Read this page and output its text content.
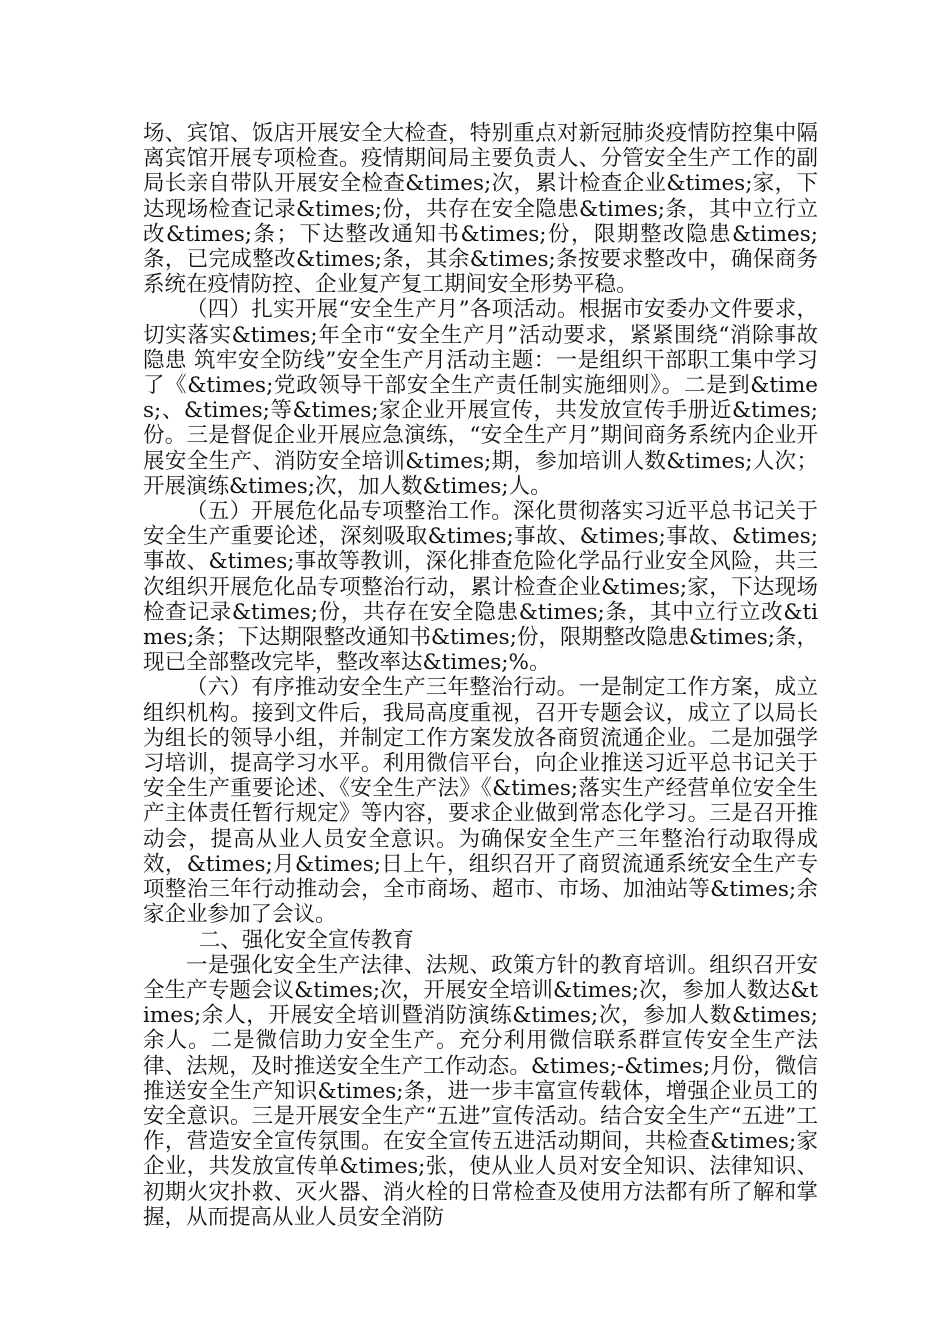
场、宾馆、饭店开展安全大检查，特别重点对新冠肺炎疫情防控集中隔离宾馆开展专项检查。疫情期间局主要负责人、分管安全生产工作的副局长亲自带队开展安全检查&times;次，累计检查企业&times;家，下达现场检查记录&times;份，共存在安全隐患&times;条，其中立行立改&times;条；下达整改通知书&times;份，限期整改隐患&times;条，已完成整改&times;条，其余&times;条按要求整改中，确保商务系统在疫情防控、企业复产复工期间安全形势平稳。

（四）扎实开展“安全生产月”各项活动。根据市安委办文件要求，切实落实&times;年全市“安全生产月”活动要求，紧紧围绕“消除事故隐患 筑牢安全防线”安全生产月活动主题：一是组织干部职工集中学习了《&times;党政领导干部安全生产责任制实施细则》。二是到&times;、&times;等&times;家企业开展宣传，共发放宣传手册近&times;份。三是督促企业开展应急演练，“安全生产月”期间商务系统内企业开展安全生产、消防安全培训&times;期，参加培训人数&times;人次；开展演练&times;次，加人数&times;人。

（五）开展危化品专项整治工作。深化贯彻落实习近平总书记关于安全生产重要论述，深刻吸取&times;事故、&times;事故、&times;事故、&times;事故等教训，深化排查危险化学品行业安全风险，共三次组织开展危化品专项整治行动，累计检查企业&times;家，下达现场检查记录&times;份，共存在安全隐患&times;条，其中立行立改&times;条；下达期限整改通知书&times;份，限期整改隐患&times;条，现已全部整改完毕，整改率达&times;%。

（六）有序推动安全生产三年整治行动。一是制定工作方案，成立组织机构。接到文件后，我局高度重视，召开专题会议，成立了以局长为组长的领导小组，并制定工作方案发放各商贸流通企业。二是加强学习培训，提高学习水平。利用微信平台，向企业推送习近平总书记关于安全生产重要论述、《安全生产法》《&times;落实生产经营单位安全生产主体责任暂行规定》等内容，要求企业做到常态化学习。三是召开推动会，提高从业人员安全意识。为确保安全生产三年整治行动取得成效，&times;月&times;日上午，组织召开了商贸流通系统安全生产专项整治三年行动推动会，全市商场、超市、市场、加油站等&times;余家企业参加了会议。

二、强化安全宣传教育

一是强化安全生产法律、法规、政策方针的教育培训。组织召开安全生产专题会议&times;次，开展安全培训&times;次，参加人数达&times;余人，开展安全培训暨消防演练&times;次，参加人数&times;余人。二是微信助力安全生产。充分利用微信联系群宣传安全生产法律、法规，及时推送安全生产工作动态。&times;-&times;月份，微信推送安全生产知识&times;条，进一步丰富宣传载体，增强企业员工的安全意识。三是开展安全生产“五进”宣传活动。结合安全生产“五进”工作，营造安全宣传氛围。在安全宣传五进活动期间，共检查&times;家企业，共发放宣传单&times;张，使从业人员对安全知识、法律知识、初期火灾扑救、灭火器、消火栓的日常检查及使用方法都有所了解和掌握，从而提高从业人员安全消防
